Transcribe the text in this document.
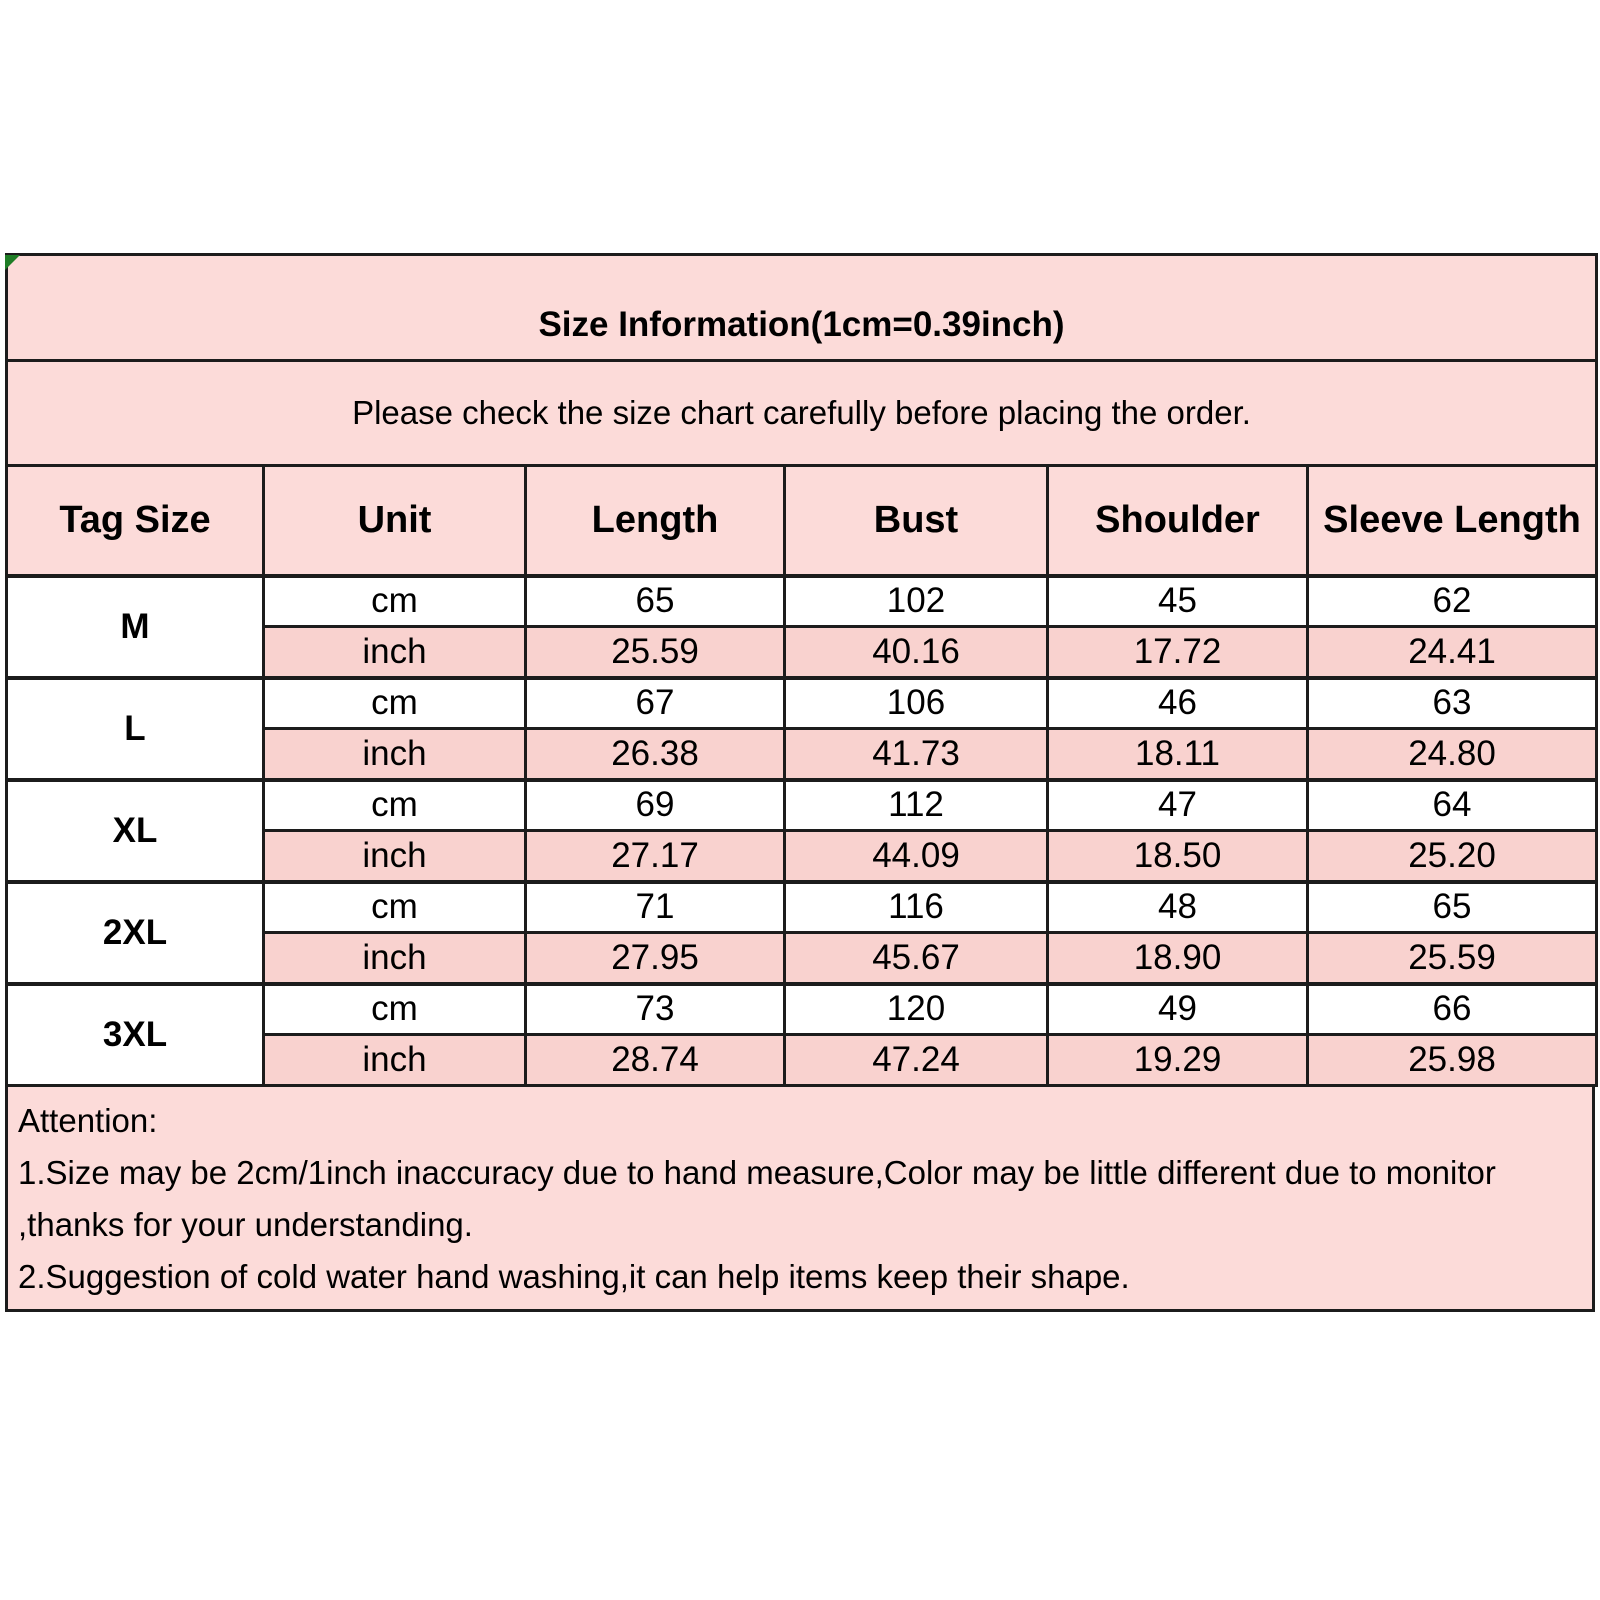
Size Information(1cm=0.39inch)					
Please check the size chart carefully before placing the order.					
Tag Size	Unit	Length	Bust	Shoulder	Sleeve Length
M	cm	65	102	45	62
	inch	25.59	40.16	17.72	24.41
L	cm	67	106	46	63
	inch	26.38	41.73	18.11	24.80
XL	cm	69	112	47	64
	inch	27.17	44.09	18.50	25.20
2XL	cm	71	116	48	65
	inch	27.95	45.67	18.90	25.59
3XL	cm	73	120	49	66
	inch	28.74	47.24	19.29	25.98
Attention:
1.Size may be 2cm/1inch inaccuracy due to hand measure,Color may be little different due to monitor ,thanks for your understanding.
2.Suggestion of cold water hand washing,it can help items keep their shape.
